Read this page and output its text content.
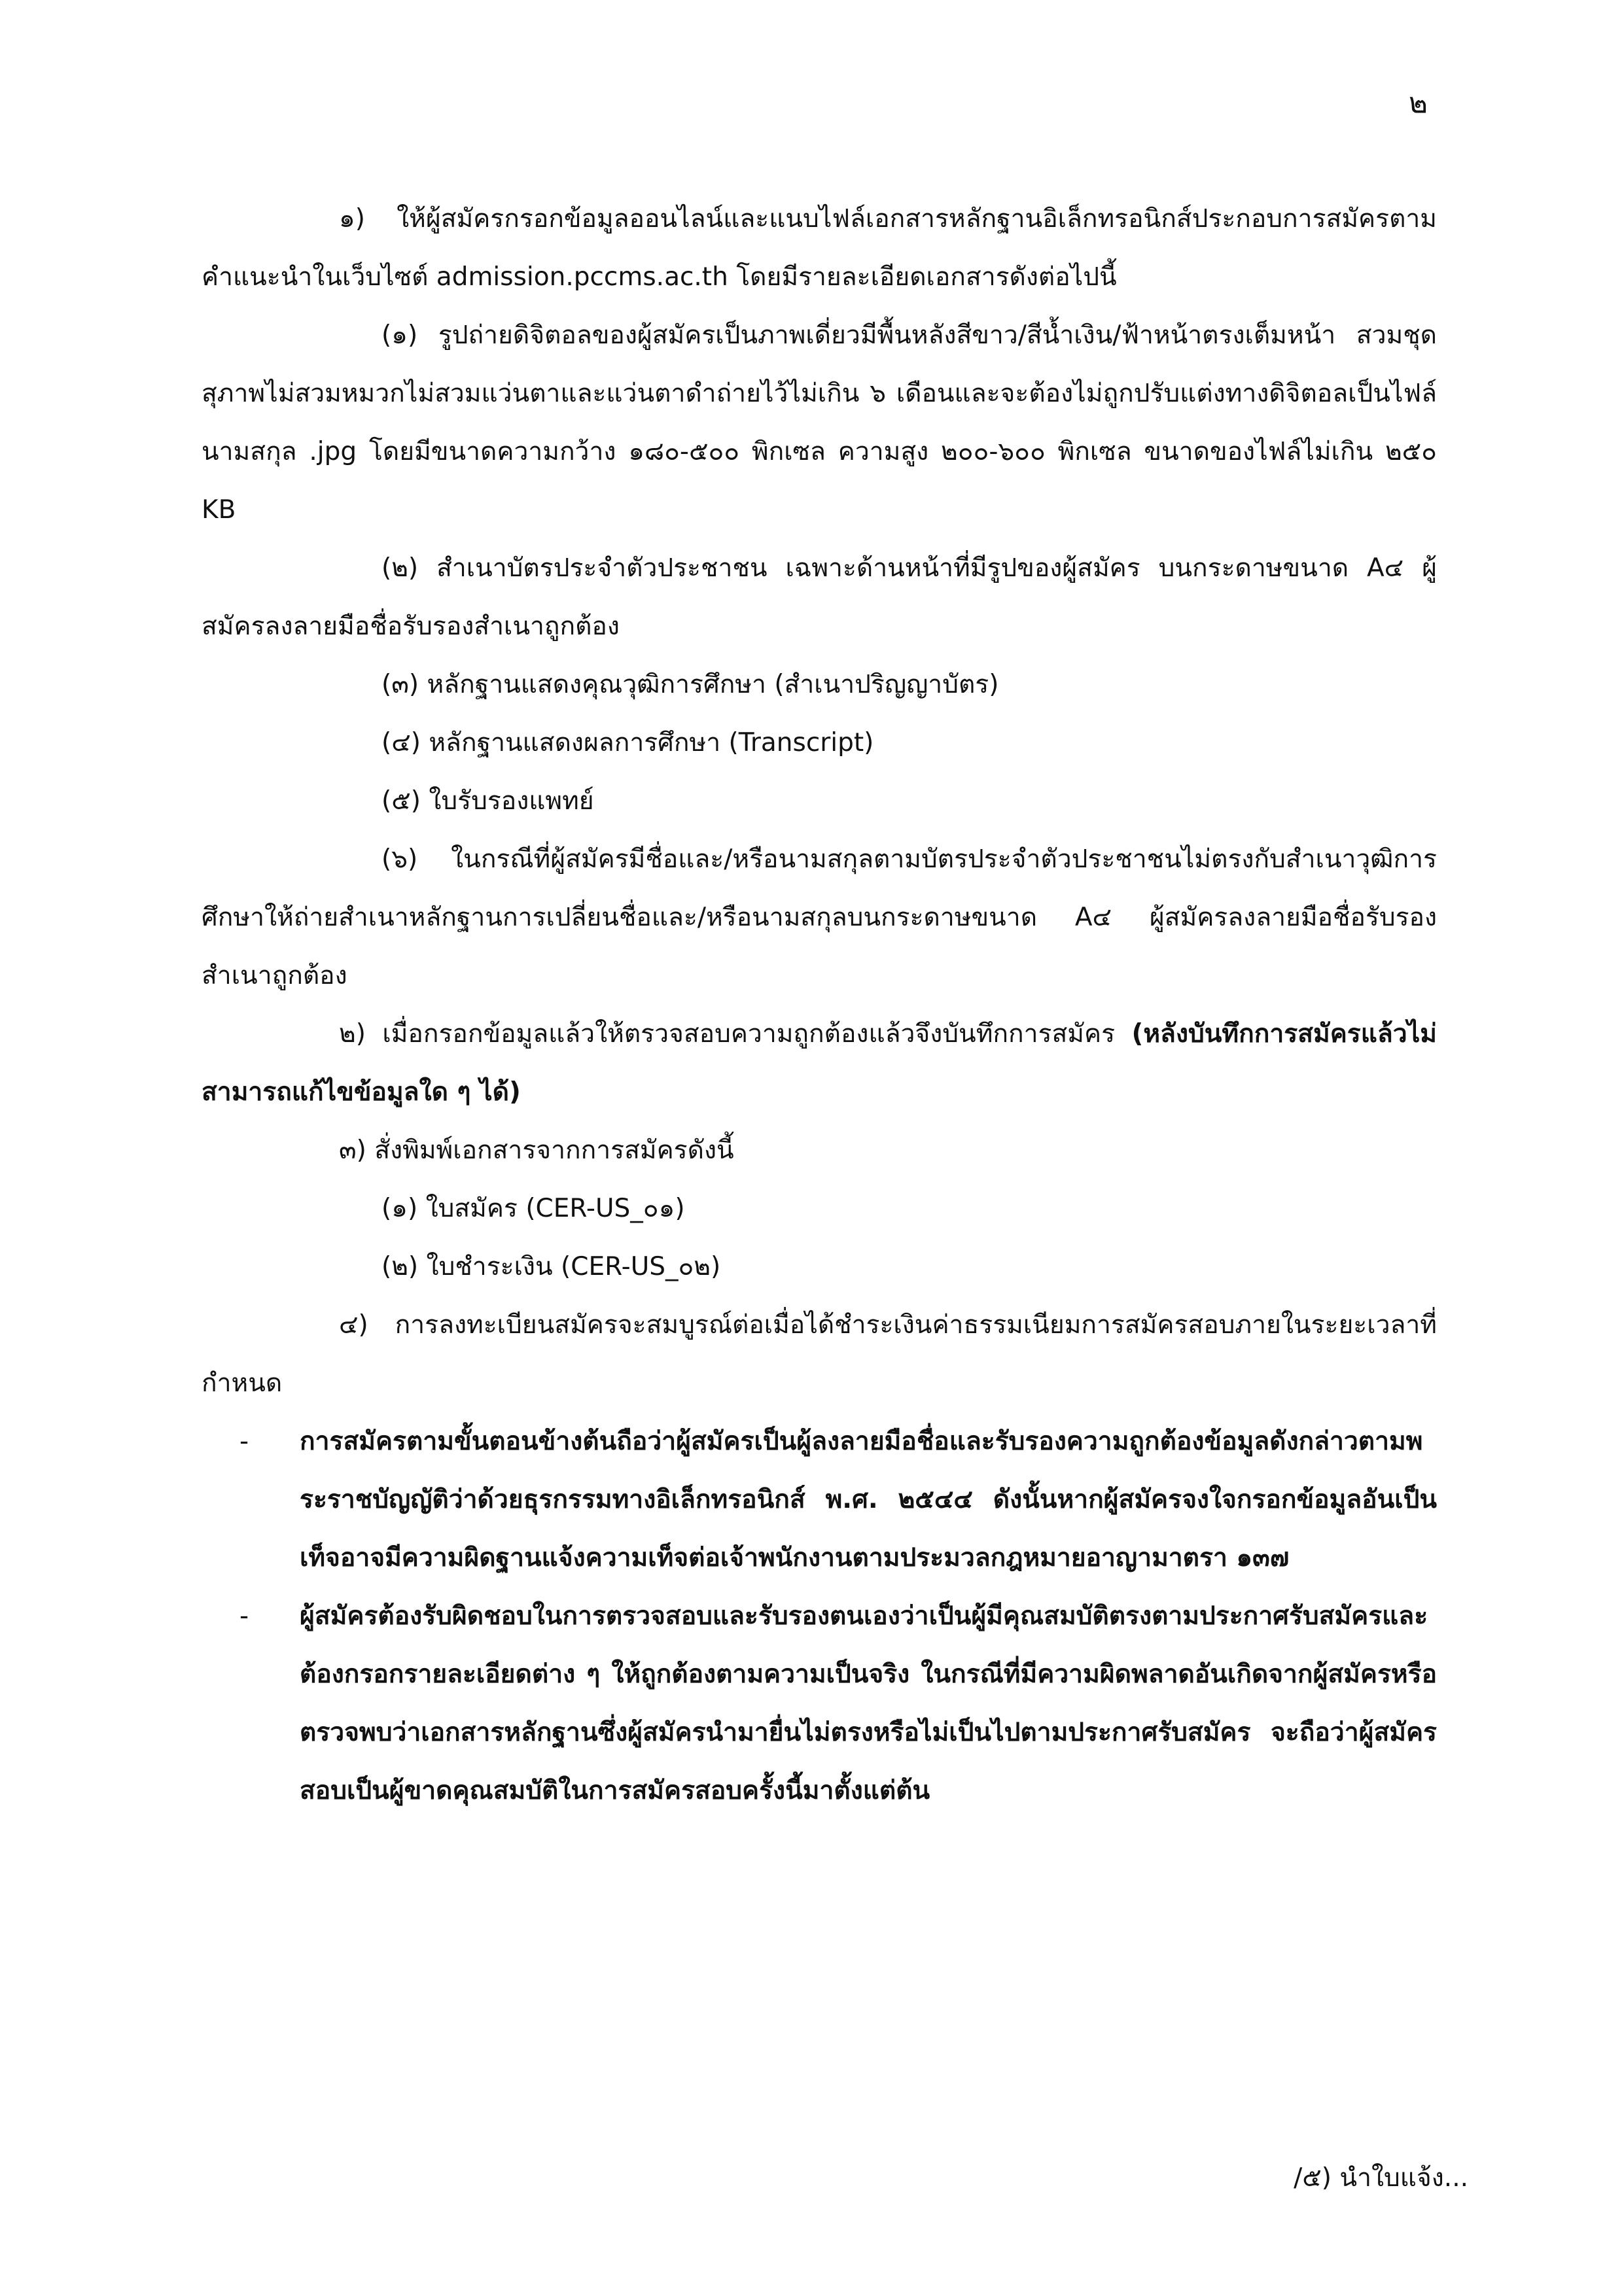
๒

๑) ให้ผู้สมัครกรอกข้อมูลออนไลน์และแนบไฟล์เอกสารหลักฐานอิเล็กทรอนิกส์ประกอบการสมัครตามคำแนะนำในเว็บไซต์ admission.pccms.ac.th โดยมีรายละเอียดเอกสารดังต่อไปนี้

(๑) รูปถ่ายดิจิตอลของผู้สมัครเป็นภาพเดี่ยวมีพื้นหลังสีขาว/สีน้ำเงิน/ฟ้าหน้าตรงเต็มหน้า สวมชุดสุภาพไม่สวมหมวกไม่สวมแว่นตาและแว่นตาดำถ่ายไว้ไม่เกิน ๖ เดือนและจะต้องไม่ถูกปรับแต่งทางดิจิตอลเป็นไฟล์นามสกุล .jpg โดยมีขนาดความกว้าง ๑๘๐-๕๐๐ พิกเซล ความสูง ๒๐๐-๖๐๐ พิกเซล ขนาดของไฟล์ไม่เกิน ๒๕๐ KB

(๒) สำเนาบัตรประจำตัวประชาชน เฉพาะด้านหน้าที่มีรูปของผู้สมัคร บนกระดาษขนาด A๔ ผู้สมัครลงลายมือชื่อรับรองสำเนาถูกต้อง

(๓) หลักฐานแสดงคุณวุฒิการศึกษา (สำเนาปริญญาบัตร)

(๔) หลักฐานแสดงผลการศึกษา (Transcript)

(๕) ใบรับรองแพทย์

(๖) ในกรณีที่ผู้สมัครมีชื่อและ/หรือนามสกุลตามบัตรประจำตัวประชาชนไม่ตรงกับสำเนาวุฒิการศึกษาให้ถ่ายสำเนาหลักฐานการเปลี่ยนชื่อและ/หรือนามสกุลบนกระดาษขนาด A๔ ผู้สมัครลงลายมือชื่อรับรองสำเนาถูกต้อง

๒) เมื่อกรอกข้อมูลแล้วให้ตรวจสอบความถูกต้องแล้วจึงบันทึกการสมัคร (หลังบันทึกการสมัครแล้วไม่สามารถแก้ไขข้อมูลใด ๆ ได้)

๓) สั่งพิมพ์เอกสารจากการสมัครดังนี้

(๑) ใบสมัคร (CER-US_๐๑)

(๒) ใบชำระเงิน (CER-US_๐๒)

๔) การลงทะเบียนสมัครจะสมบูรณ์ต่อเมื่อได้ชำระเงินค่าธรรมเนียมการสมัครสอบภายในระยะเวลาที่กำหนด

- การสมัครตามขั้นตอนข้างต้นถือว่าผู้สมัครเป็นผู้ลงลายมือชื่อและรับรองความถูกต้องข้อมูลดังกล่าวตามพระราชบัญญัติว่าด้วยธุรกรรมทางอิเล็กทรอนิกส์ พ.ศ. ๒๕๔๔ ดังนั้นหากผู้สมัครจงใจกรอกข้อมูลอันเป็นเท็จอาจมีความผิดฐานแจ้งความเท็จต่อเจ้าพนักงานตามประมวลกฎหมายอาญามาตรา ๑๓๗
- ผู้สมัครต้องรับผิดชอบในการตรวจสอบและรับรองตนเองว่าเป็นผู้มีคุณสมบัติตรงตามประกาศรับสมัครและต้องกรอกรายละเอียดต่าง ๆ ให้ถูกต้องตามความเป็นจริง ในกรณีที่มีความผิดพลาดอันเกิดจากผู้สมัครหรือตรวจพบว่าเอกสารหลักฐานซึ่งผู้สมัครนำมายื่นไม่ตรงหรือไม่เป็นไปตามประกาศรับสมัคร จะถือว่าผู้สมัครสอบเป็นผู้ขาดคุณสมบัติในการสมัครสอบครั้งนี้มาตั้งแต่ต้น
/๕) นำใบแจ้ง...
